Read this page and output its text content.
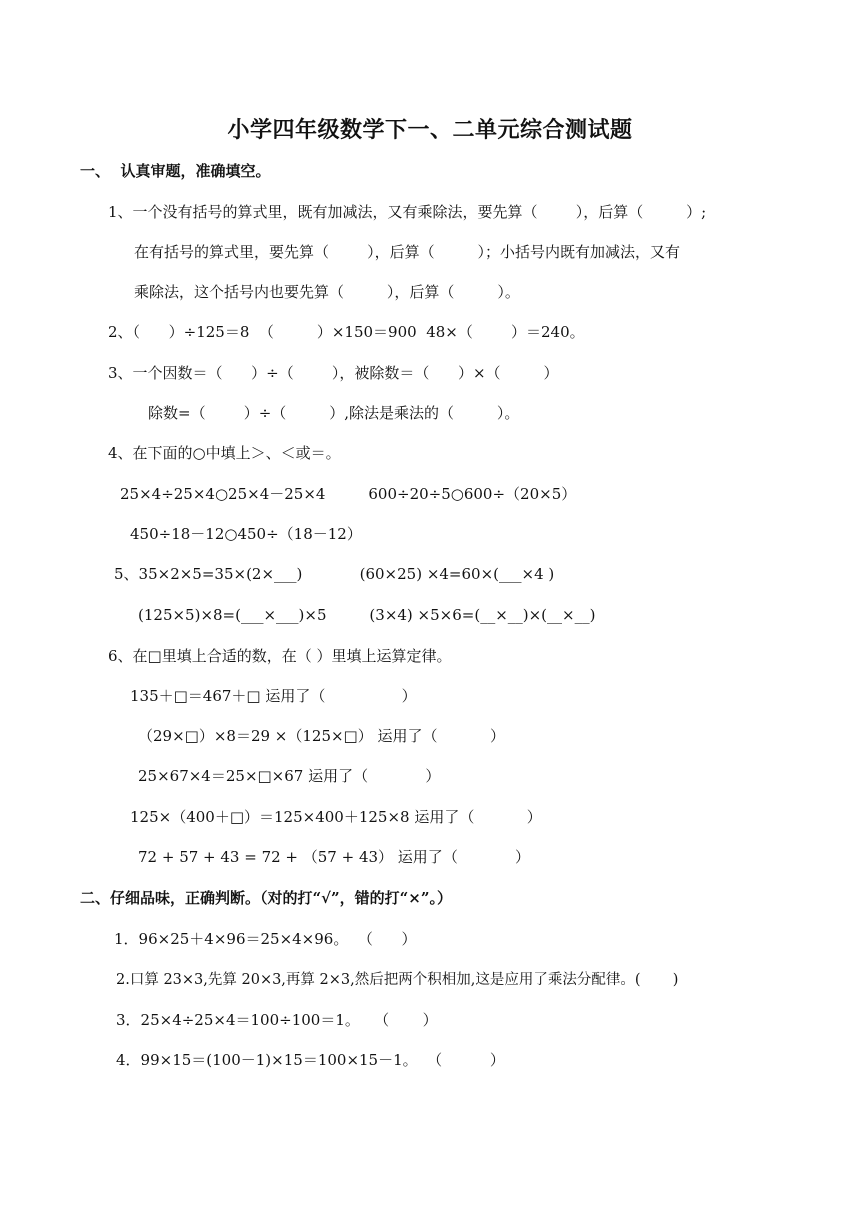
小学四年级数学下一、二单元综合测试题
一、  认真审题，准确填空。
1、一个没有括号的算式里，既有加减法，又有乘除法，要先算（        ），后算（         ）;
在有括号的算式里，要先算（        ），后算（         ）；小括号内既有加减法，又有
乘除法，这个括号内也要先算（         ），后算（         ）。
2、（      ）÷125＝8  （         ）×150＝900  48×（        ）＝240。
3、一个因数＝（      ）÷（        ），被除数＝（      ）×（         ）
除数=（        ）÷（         ）,除法是乘法的（         ）。
4、在下面的○中填上＞、＜或＝。
25×4÷25×4○25×4－25×4         600÷20÷5○600÷（20×5）
450÷18－12○450÷（18－12）
5、35×2×5=35×(2×___)            (60×25) ×4=60×(___×4 )
(125×5)×8=(___×___)×5         (3×4) ×5×6=(__×__)×(__×__)
6、在□里填上合适的数，在（ ）里填上运算定律。
135＋□＝467＋□ 运用了（                ）
（29×□）×8＝29 ×（125×□） 运用了（           ）
25×67×4＝25×□×67 运用了（            ）
125×（400＋□）＝125×400＋125×8 运用了（           ）
72 + 57 + 43 = 72 + （57 + 43） 运用了（            ）
二、仔细品味，正确判断。（对的打“√”，错的打“×”。）
1．96×25＋4×96＝25×4×96。  （      ）
2.口算 23×3,先算 20×3,再算 2×3,然后把两个积相加,这是应用了乘法分配律。(       )
3．25×4÷25×4＝100÷100＝1。   （       ）
4．99×15＝(100－1)×15＝100×15－1。  （          ）
